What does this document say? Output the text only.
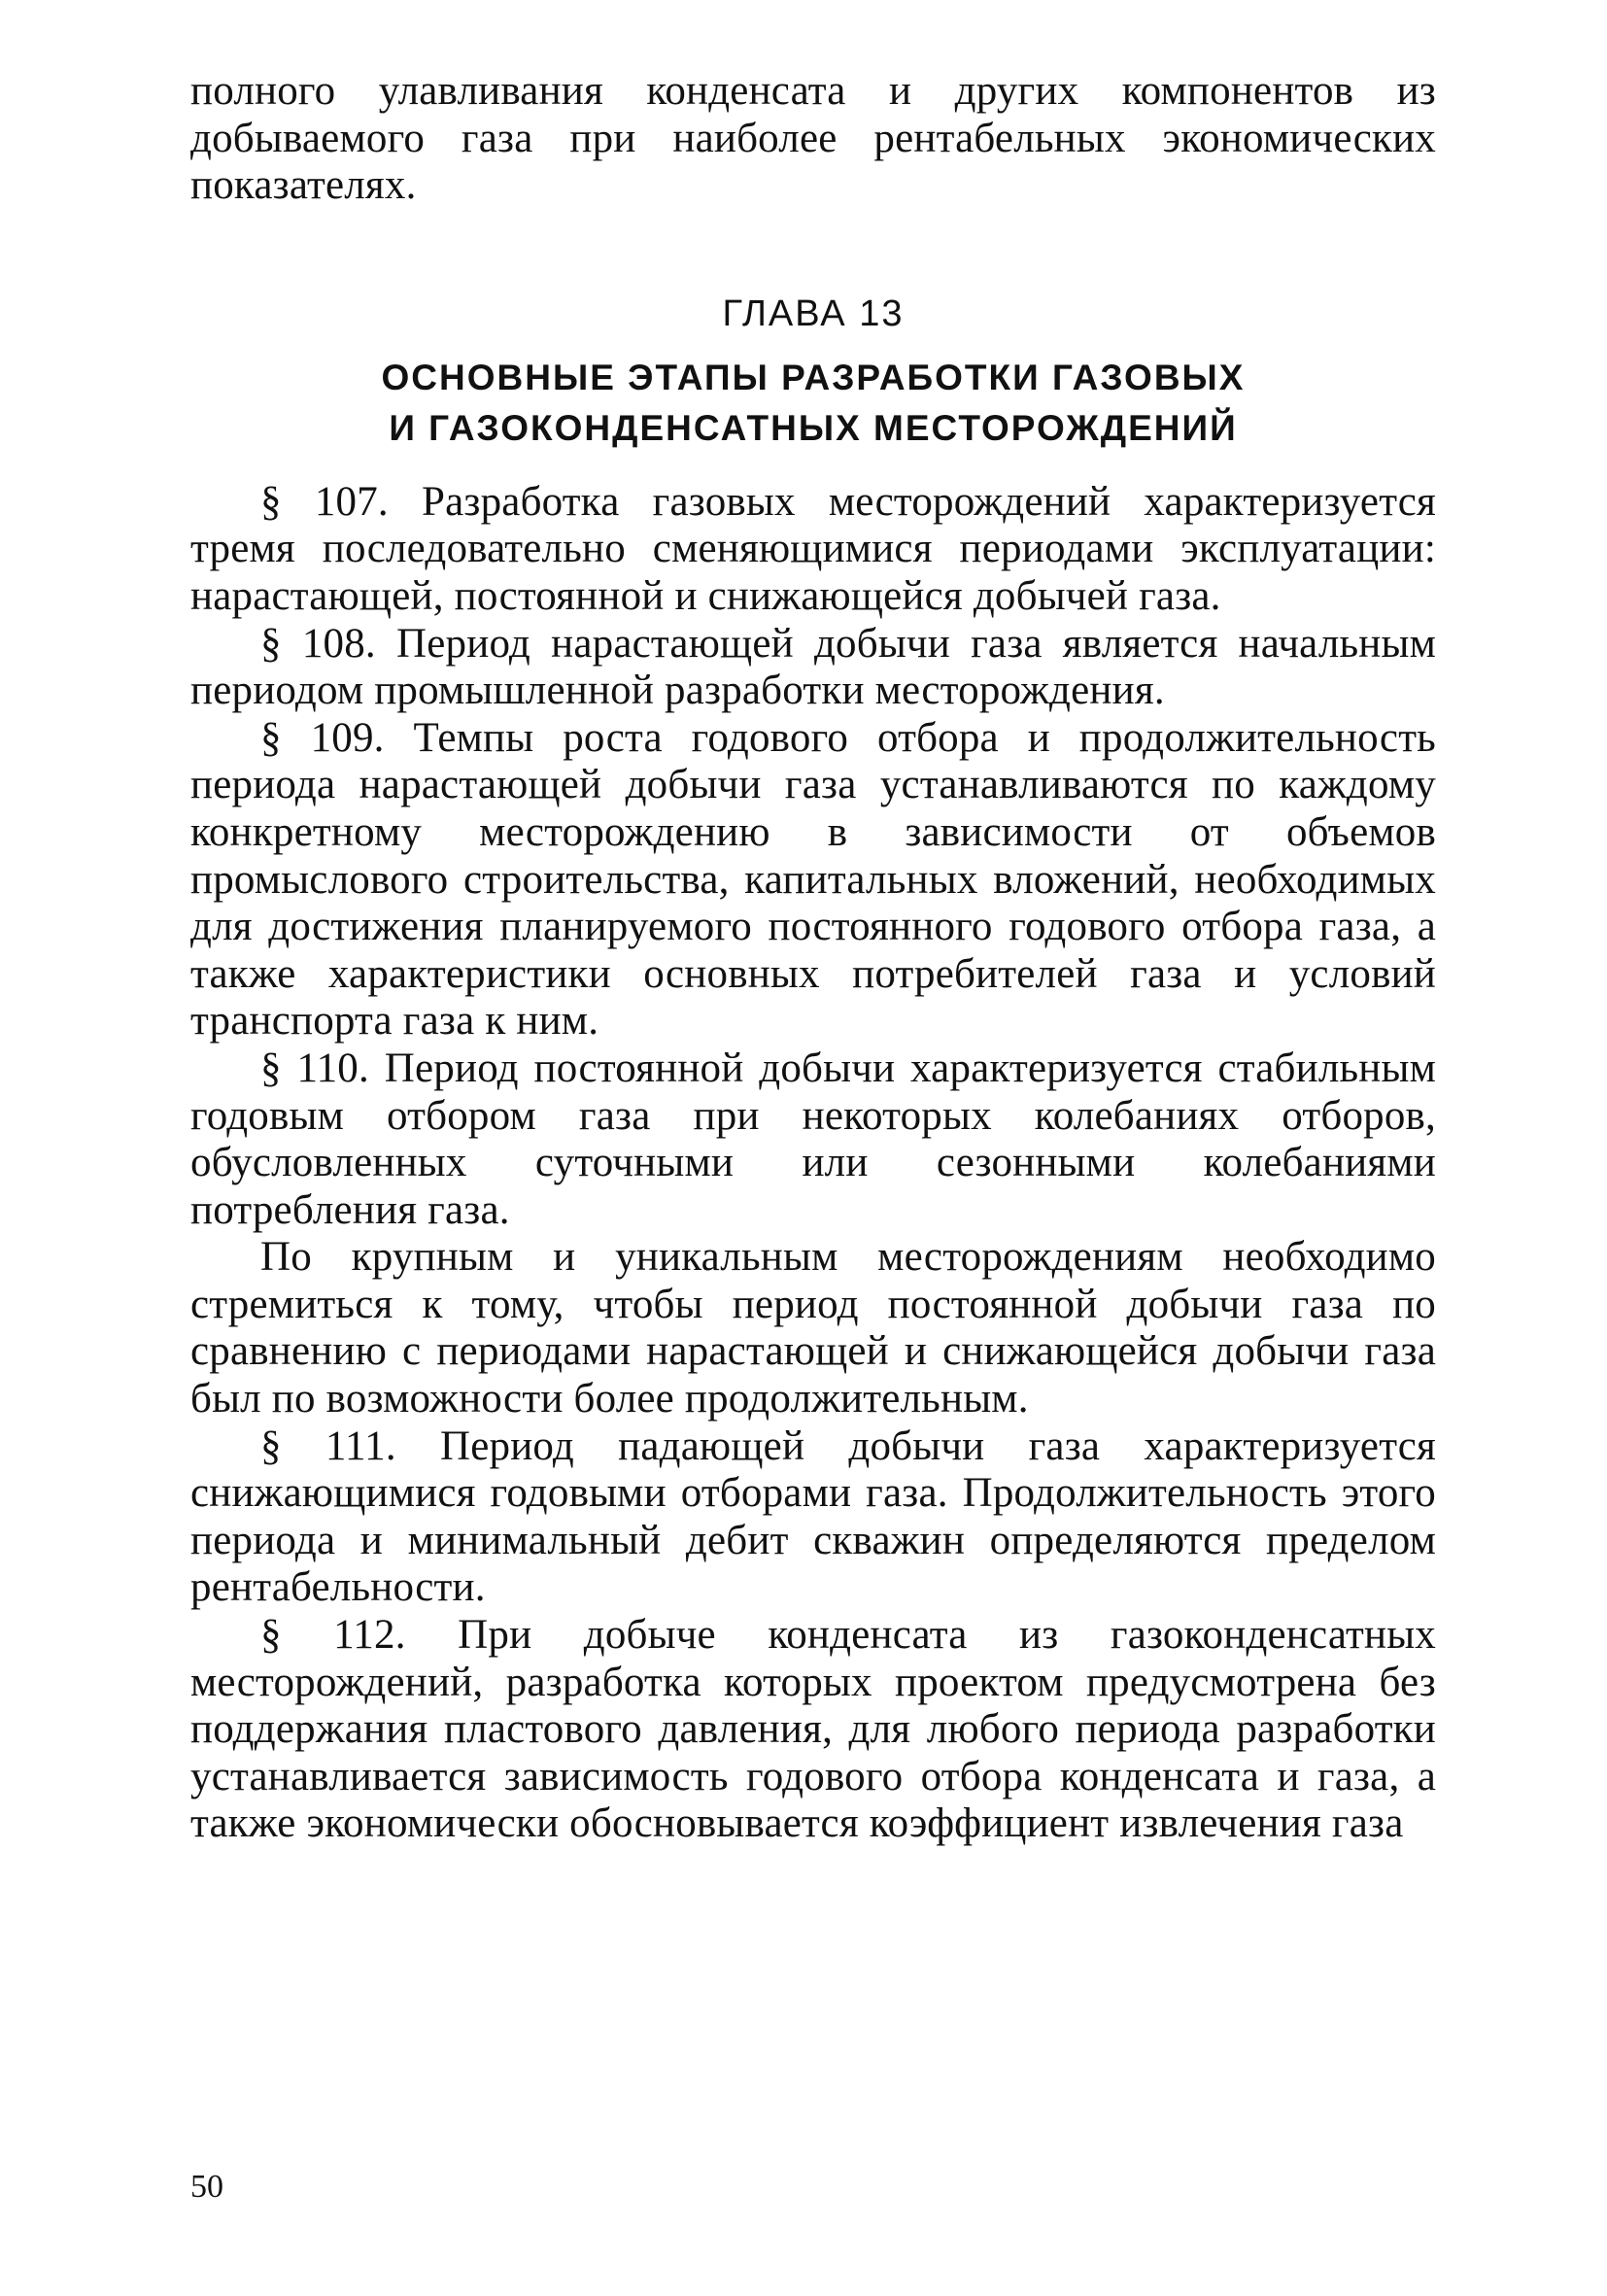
полного улавливания конденсата и других компонентов из добываемого газа при наиболее рентабельных экономических показателях.

ГЛАВА 13

ОСНОВНЫЕ ЭТАПЫ РАЗРАБОТКИ ГАЗОВЫХ
И ГАЗОКОНДЕНСАТНЫХ МЕСТОРОЖДЕНИЙ

§ 107. Разработка газовых месторождений характеризуется тремя последовательно сменяющимися периодами эксплуатации: нарастающей, постоянной и снижающейся добычей газа.

§ 108. Период нарастающей добычи газа является начальным периодом промышленной разработки месторождения.

§ 109. Темпы роста годового отбора и продолжительность периода нарастающей добычи газа устанавливаются по каждому конкретному месторождению в зависимости от объемов промыслового строительства, капитальных вложений, необходимых для достижения планируемого постоянного годового отбора газа, а также характеристики основных потребителей газа и условий транспорта газа к ним.

§ 110. Период постоянной добычи характеризуется стабильным годовым отбором газа при некоторых колебаниях отборов, обусловленных суточными или сезонными колебаниями потребления газа.

По крупным и уникальным месторождениям необходимо стремиться к тому, чтобы период постоянной добычи газа по сравнению с периодами нарастающей и снижающейся добычи газа был по возможности более продолжительным.

§ 111. Период падающей добычи газа характеризуется снижающимися годовыми отборами газа. Продолжительность этого периода и минимальный дебит скважин определяются пределом рентабельности.

§ 112. При добыче конденсата из газоконденсатных месторождений, разработка которых проектом предусмотрена без поддержания пластового давления, для любого периода разработки устанавливается зависимость годового отбора конденсата и газа, а также экономически обосновывается коэффициент извлечения газа

50
